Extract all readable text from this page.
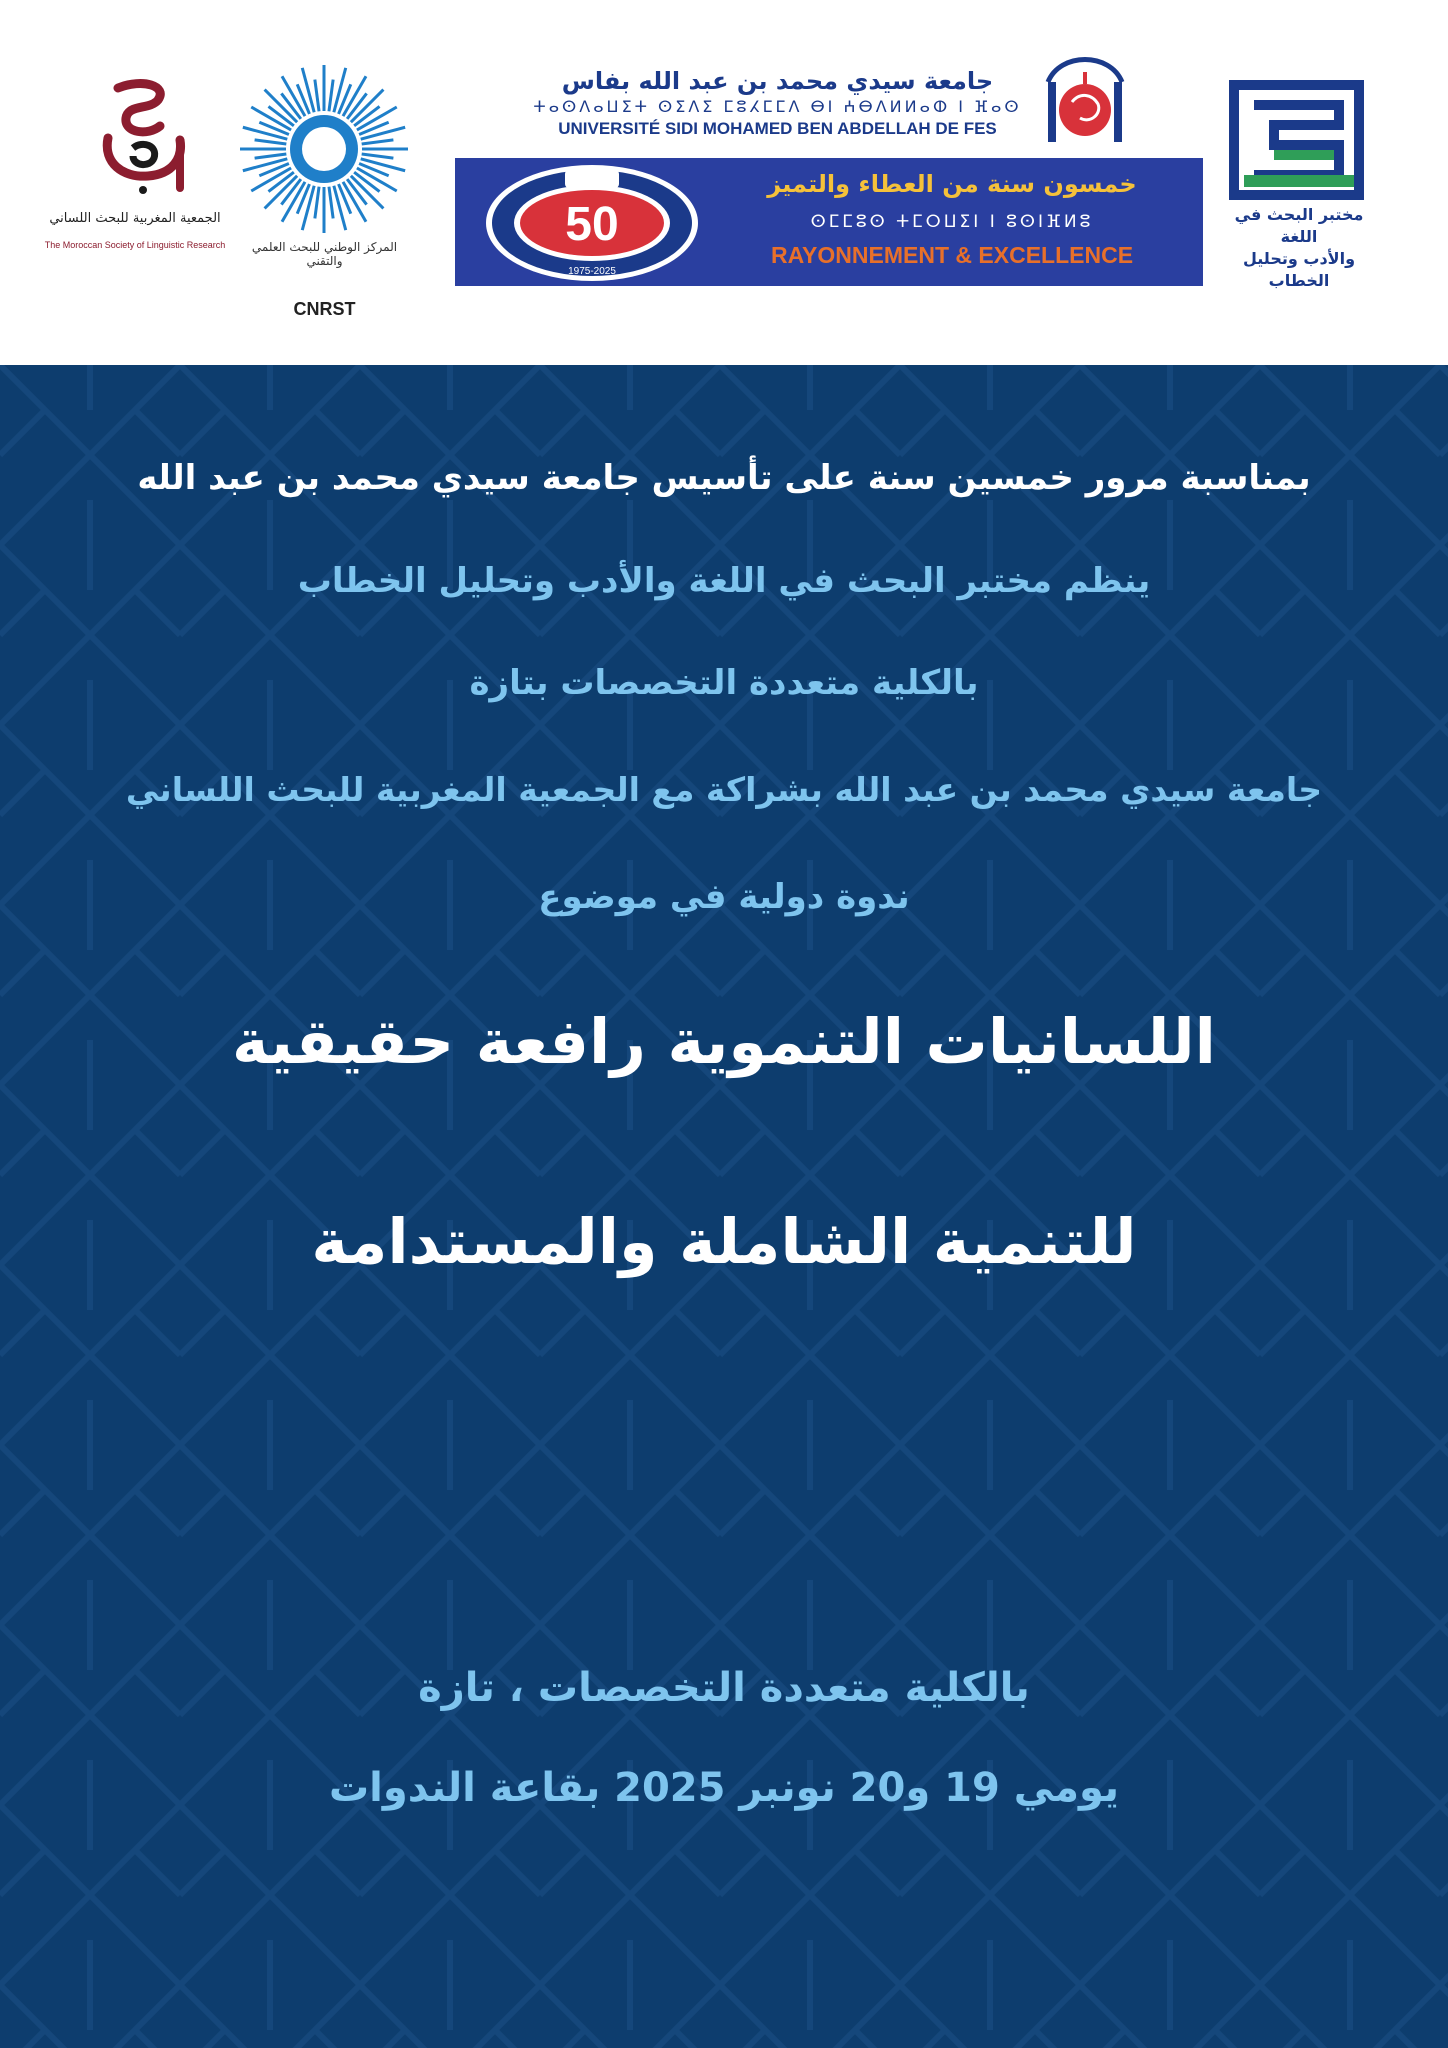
الجمعية المغربية للبحث اللساني
The Moroccan Society of Linguistic Research	المركز الوطني للبحث العلمي والتقني
CNRST
جامعة سيدي محمد بن عبد الله بفاس
ⵜⴰⵙⴷⴰⵡⵉⵜ ⵙⵉⴷⵉ ⵎⵓⵃⵎⵎⴷ ⴱⵏ ⵄⴱⴷⵍⵍⴰⵀ ⵏ ⴼⴰⵙ
UNIVERSITÉ SIDI MOHAMED BEN ABDELLAH DE FES
50
1975-2025
خمسون سنة من العطاء والتميز
ⵙⵎⵎⵓⵙ ⵜⵎⵔⵡⵉⵏ ⵏ ⵓⵙⵏⴼⵍⵓ
RAYONNEMENT & EXCELLENCE
مختبر البحث في اللغة
والأدب وتحليل الخطاب
بمناسبة مرور خمسين سنة على تأسيس جامعة سيدي محمد بن عبد الله
ينظم مختبر البحث في اللغة والأدب وتحليل الخطاب
بالكلية متعددة التخصصات بتازة
جامعة سيدي محمد بن عبد الله بشراكة مع الجمعية المغربية للبحث اللساني
ندوة دولية في موضوع
اللسانيات التنموية رافعة حقيقية
للتنمية الشاملة والمستدامة
بالكلية متعددة التخصصات ، تازة
يومي 19 و20 نونبر 2025 بقاعة الندوات
